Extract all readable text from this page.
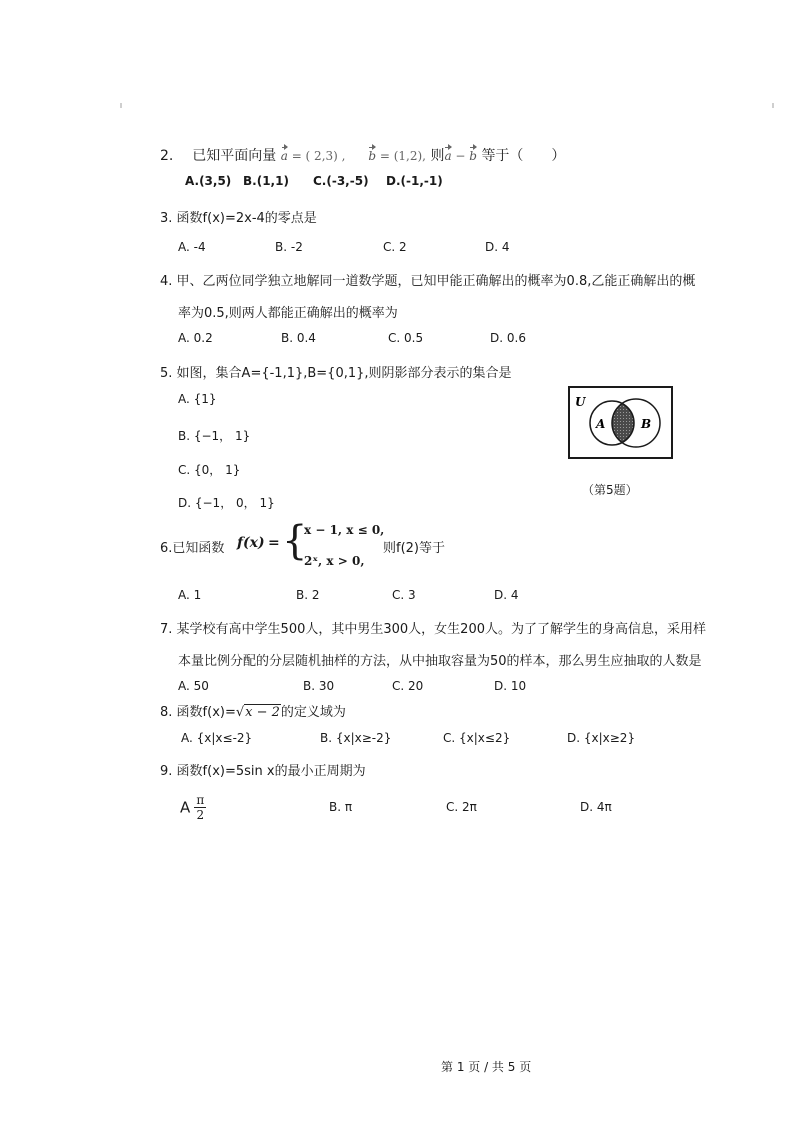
2. 已知平面向量 a = ( 2,3) , b = (1,2), 则a − b 等于（　　）
A.(3,5) B.(1,1) C.(-3,-5) D.(-1,-1)
3. 函数f(x)=2x-4的零点是
A. -4	B. -2	C. 2	D. 4
4. 甲、乙两位同学独立地解同一道数学题，已知甲能正确解出的概率为0.8,乙能正确解出的概
率为0.5,则两人都能正确解出的概率为
A. 0.2	B. 0.4	C. 0.5	D. 0.6
5. 如图，集合A={-1,1},B={0,1},则阴影部分表示的集合是
A. {1}
B. {−1， 1}
C. {0， 1}
D. {−1， 0， 1}
U
A	B
（第5题）
6.已知函数 f(x) = {
x − 1, x ≤ 0,
2ˣ, x > 0,
则f(2)等于
A. 1	B. 2	C. 3	D. 4
7. 某学校有高中学生500人，其中男生300人，女生200人。为了了解学生的身高信息，采用样
本量比例分配的分层随机抽样的方法，从中抽取容量为50的样本，那么男生应抽取的人数是
A. 50	B. 30	C. 20	D. 10
8. 函数f(x)=√x − 2的定义域为
A. {x|x≤-2}	B. {x|x≥-2}	C. {x|x≤2}	D. {x|x≥2}
9. 函数f(x)=5sin x的最小正周期为
A $\frac{\pi}{2}$	B. π	C. 2π	D. 4π
第 1 页 / 共 5 页
